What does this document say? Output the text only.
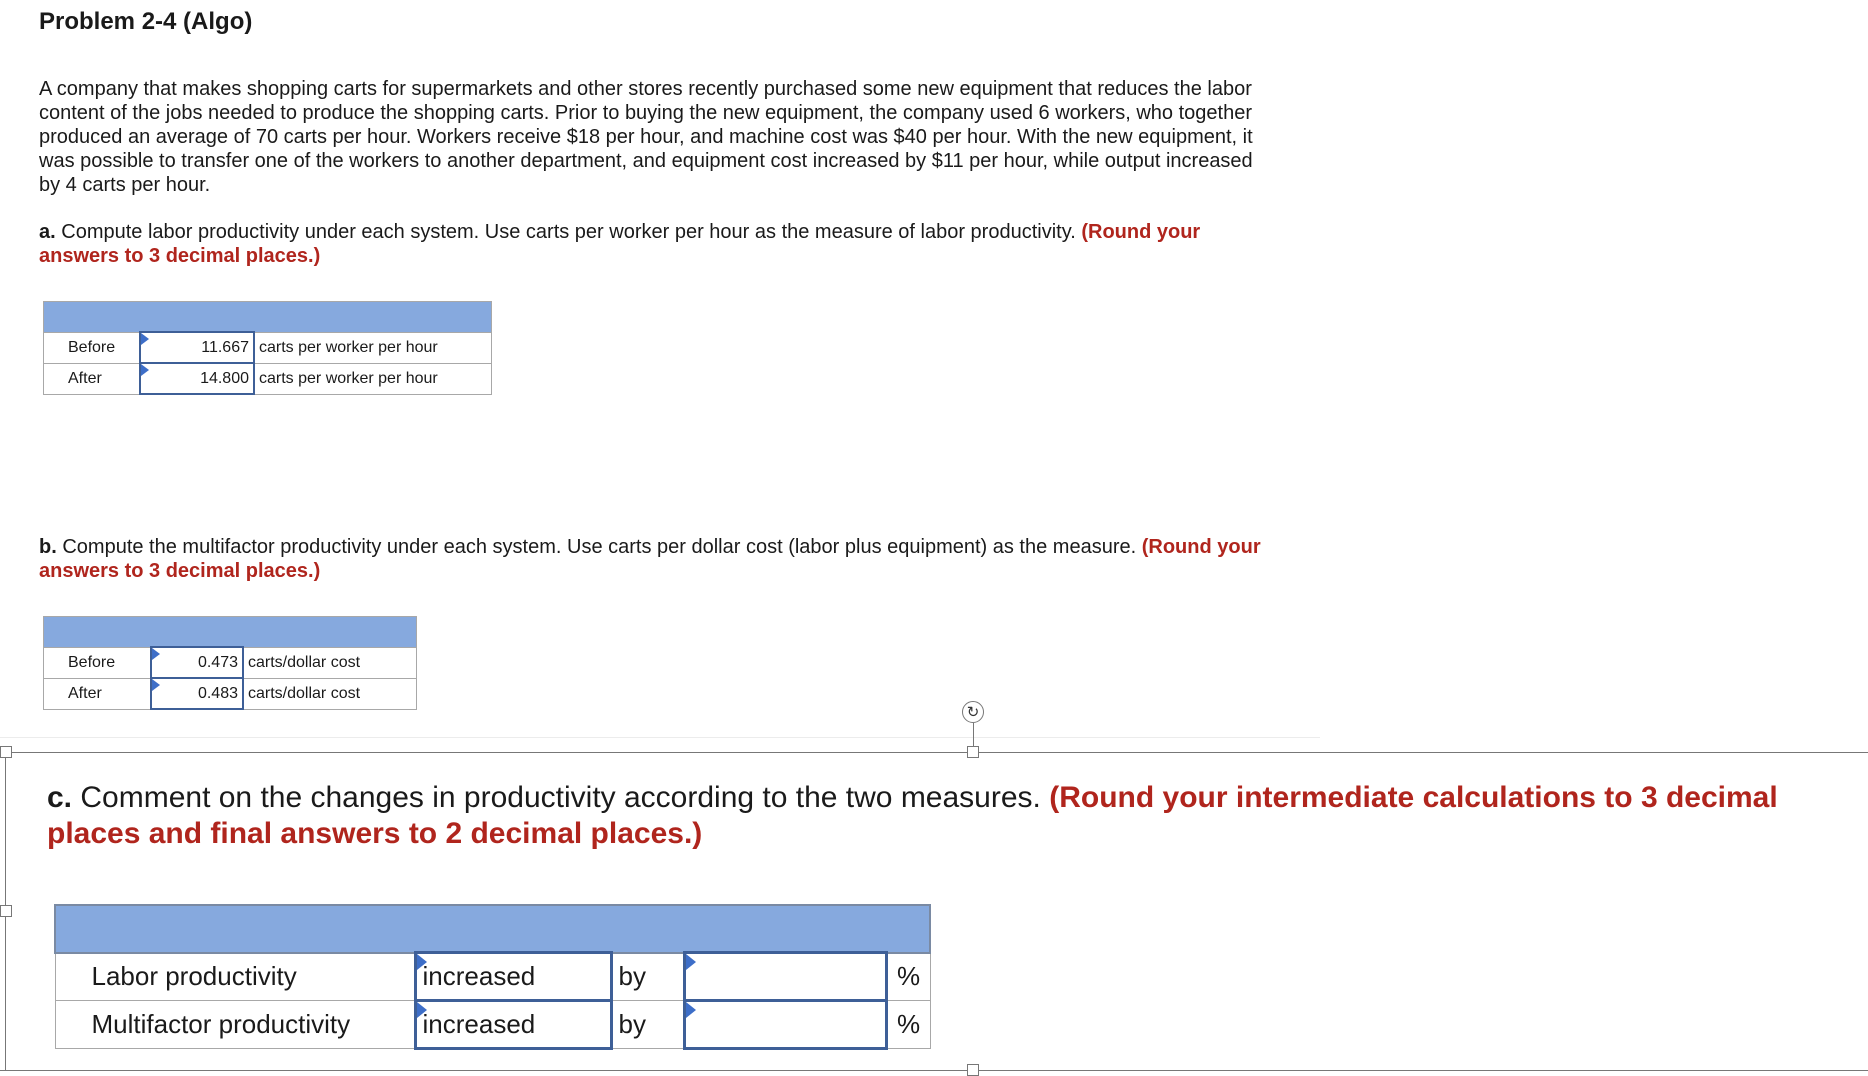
Problem 2-4 (Algo)
A company that makes shopping carts for supermarkets and other stores recently purchased some new equipment that reduces the labor content of the jobs needed to produce the shopping carts. Prior to buying the new equipment, the company used 6 workers, who together produced an average of 70 carts per hour. Workers receive $18 per hour, and machine cost was $40 per hour. With the new equipment, it was possible to transfer one of the workers to another department, and equipment cost increased by $11 per hour, while output increased by 4 carts per hour.
a. Compute labor productivity under each system. Use carts per worker per hour as the measure of labor productivity. (Round your answers to 3 decimal places.)

Before	11.667	carts per worker per hour
After	14.800	carts per worker per hour
b. Compute the multifactor productivity under each system. Use carts per dollar cost (labor plus equipment) as the measure. (Round your answers to 3 decimal places.)

Before	0.473	carts/dollar cost
After	0.483	carts/dollar cost
↻
c. Comment on the changes in productivity according to the two measures. (Round your intermediate calculations to 3 decimal places and final answers to 2 decimal places.)

Labor productivity	increased	by		%
Multifactor productivity	increased	by		%
